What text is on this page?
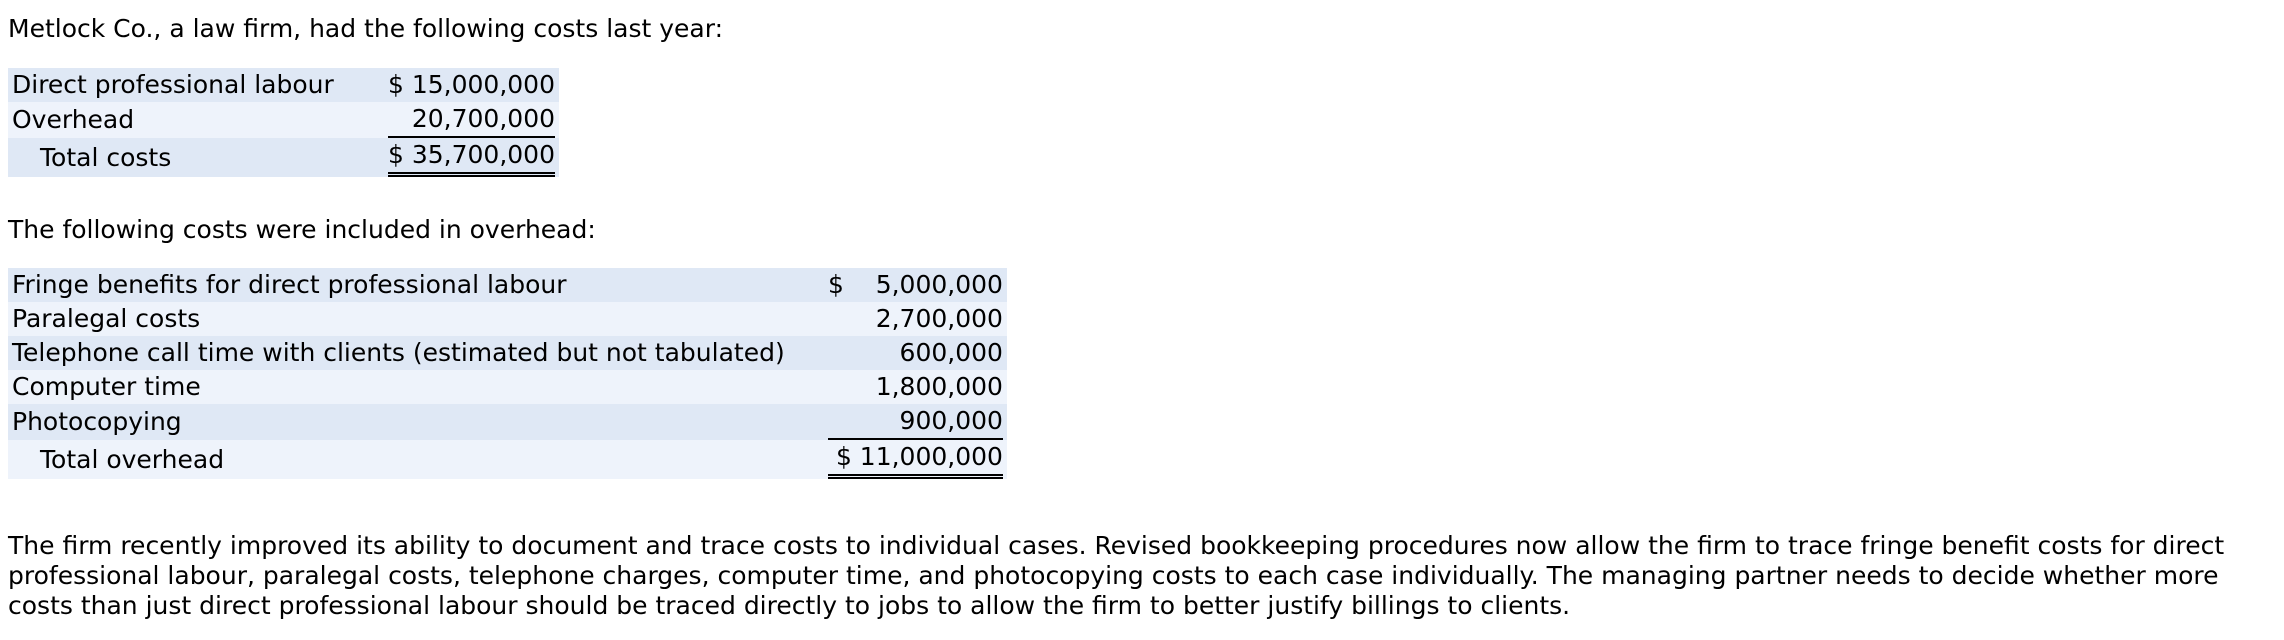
Metlock Co., a law firm, had the following costs last year:

Direct professional labour	$ 15,000,000
Overhead	20,700,000

Total costs	$ 35,700,000

The following costs were included in overhead:

Fringe benefits for direct professional labour	$    5,000,000

Paralegal costs	2,700,000

Telephone call time with clients (estimated but not tabulated)	600,000

Computer time	1,800,000

Photocopying	900,000

Total overhead	$ 11,000,000

The firm recently improved its ability to document and trace costs to individual cases. Revised bookkeeping procedures now allow the firm to trace fringe benefit costs for direct professional labour, paralegal costs, telephone charges, computer time, and photocopying costs to each case individually. The managing partner needs to decide whether more costs than just direct professional labour should be traced directly to jobs to allow the firm to better justify billings to clients.
